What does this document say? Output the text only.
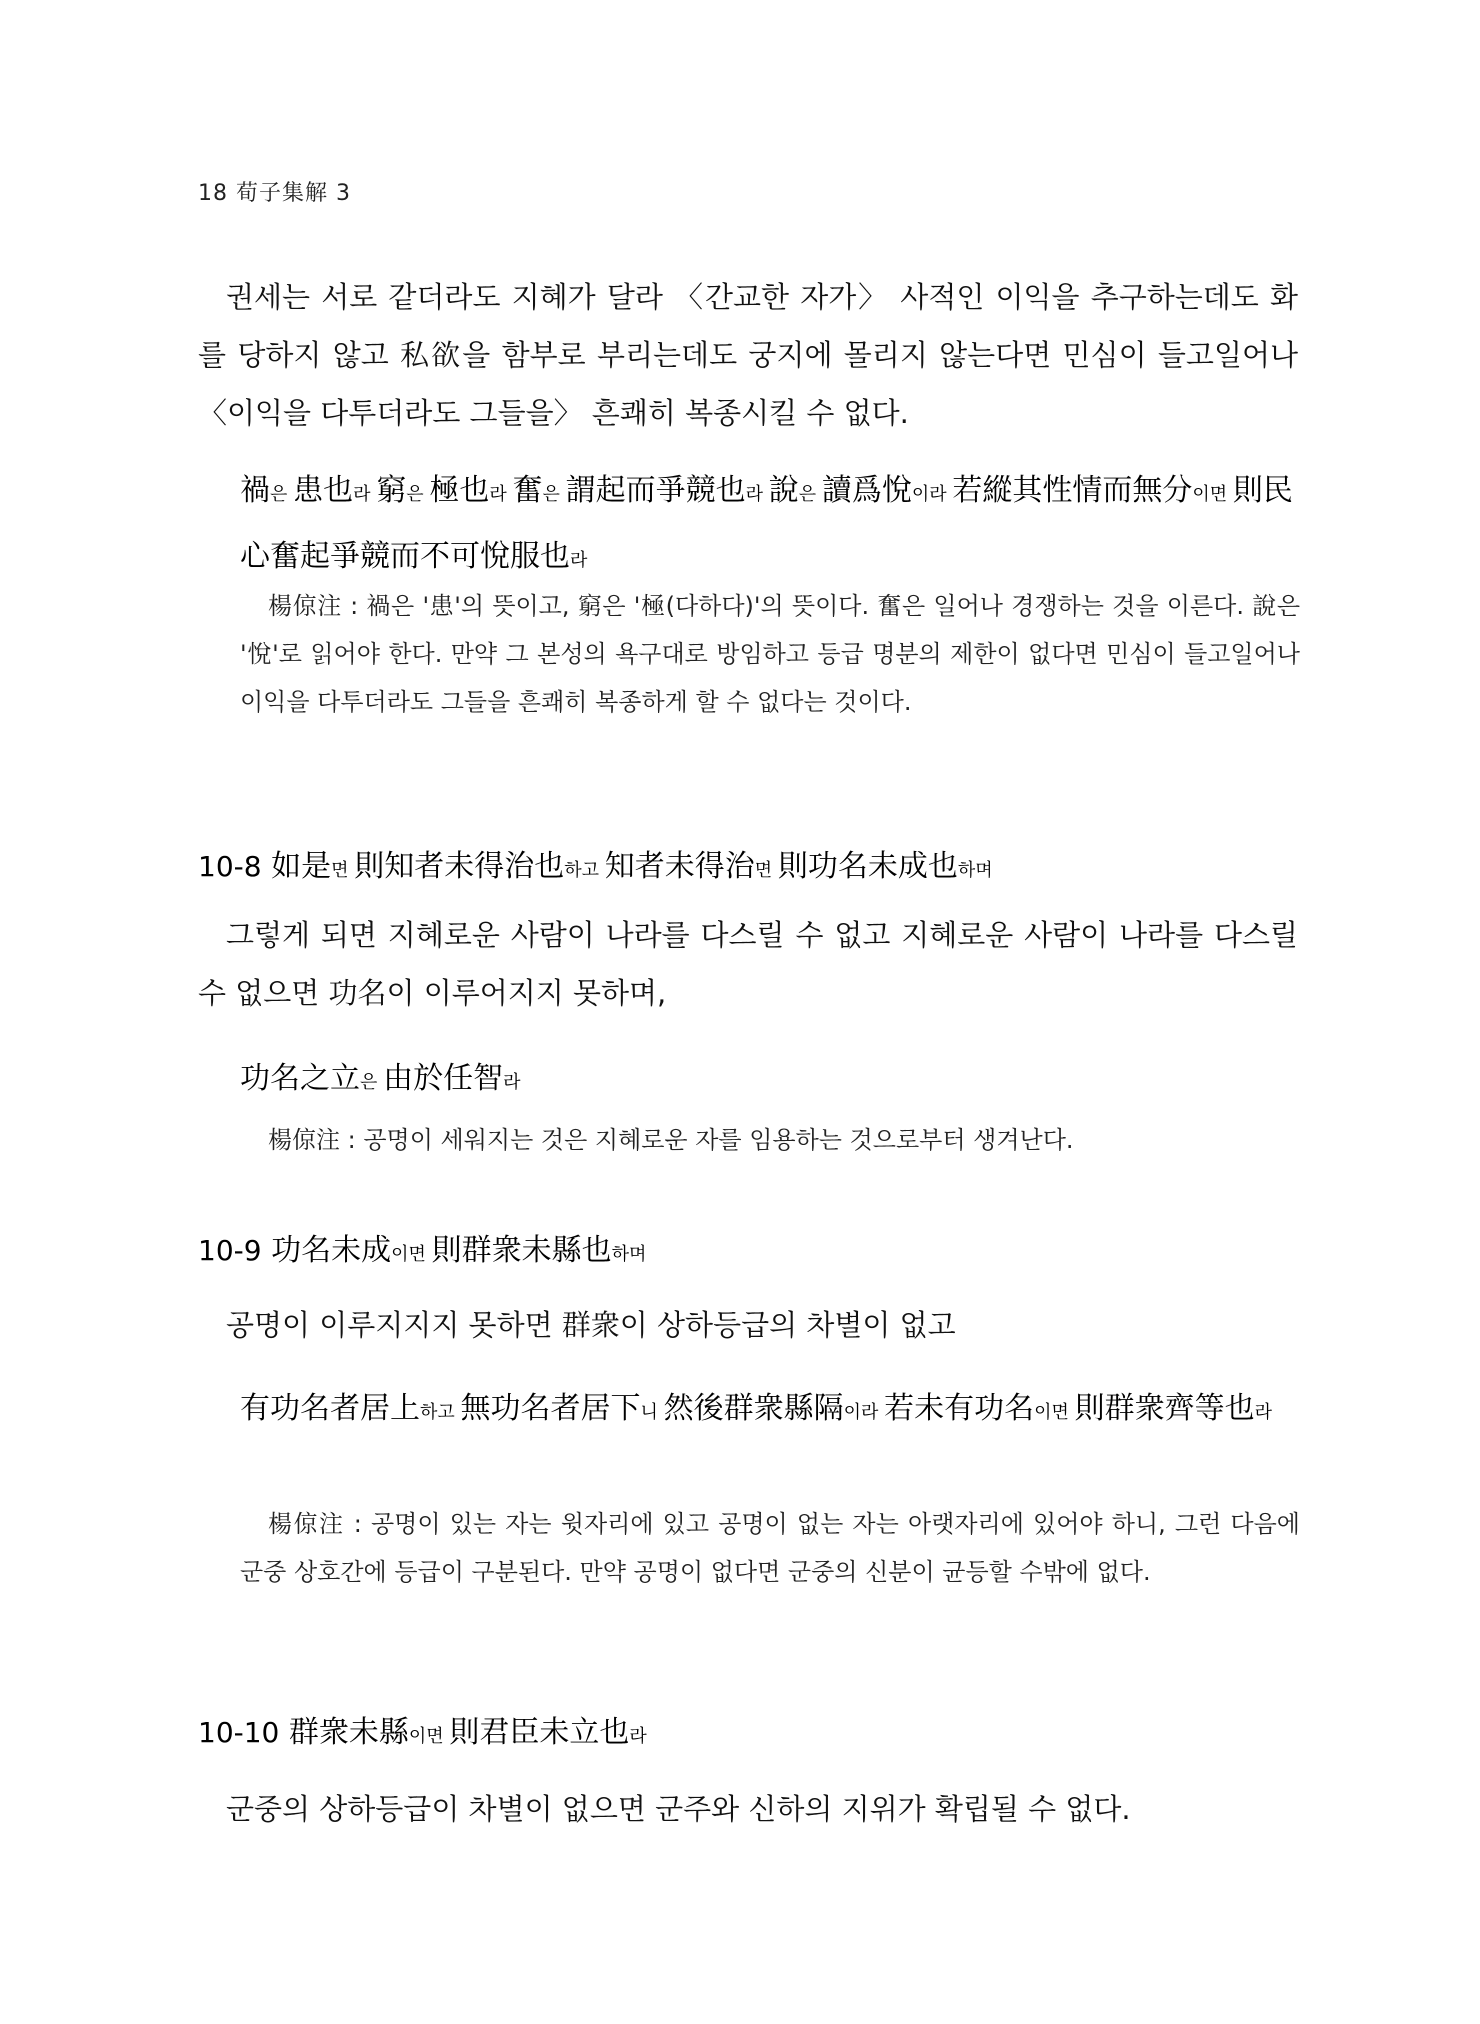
18 荀子集解 3
권세는 서로 같더라도 지혜가 달라 〈간교한 자가〉 사적인 이익을 추구하는데도 화를 당하지 않고 私欲을 함부로 부리는데도 궁지에 몰리지 않는다면 민심이 들고일어나 〈이익을 다투더라도 그들을〉 흔쾌히 복종시킬 수 없다.
禍은 患也라 窮은 極也라 奮은 謂起而爭競也라 說은 讀爲悅이라 若縱其性情而無分이면 則民心奮起爭競而不可悅服也라
楊倞注 : 禍은 '患'의 뜻이고, 窮은 '極(다하다)'의 뜻이다. 奮은 일어나 경쟁하는 것을 이른다. 說은 '悅'로 읽어야 한다. 만약 그 본성의 욕구대로 방임하고 등급 명분의 제한이 없다면 민심이 들고일어나 이익을 다투더라도 그들을 흔쾌히 복종하게 할 수 없다는 것이다.
10-8 如是면 則知者未得治也하고 知者未得治면 則功名未成也하며
그렇게 되면 지혜로운 사람이 나라를 다스릴 수 없고 지혜로운 사람이 나라를 다스릴 수 없으면 功名이 이루어지지 못하며,
功名之立은 由於任智라
楊倞注 : 공명이 세워지는 것은 지혜로운 자를 임용하는 것으로부터 생겨난다.
10-9 功名未成이면 則群衆未縣也하며
공명이 이루지지지 못하면 群衆이 상하등급의 차별이 없고
有功名者居上하고 無功名者居下니 然後群衆縣隔이라 若未有功名이면 則群衆齊等也라
楊倞注 : 공명이 있는 자는 윗자리에 있고 공명이 없는 자는 아랫자리에 있어야 하니, 그런 다음에 군중 상호간에 등급이 구분된다. 만약 공명이 없다면 군중의 신분이 균등할 수밖에 없다.
10-10 群衆未縣이면 則君臣未立也라
군중의 상하등급이 차별이 없으면 군주와 신하의 지위가 확립될 수 없다.
